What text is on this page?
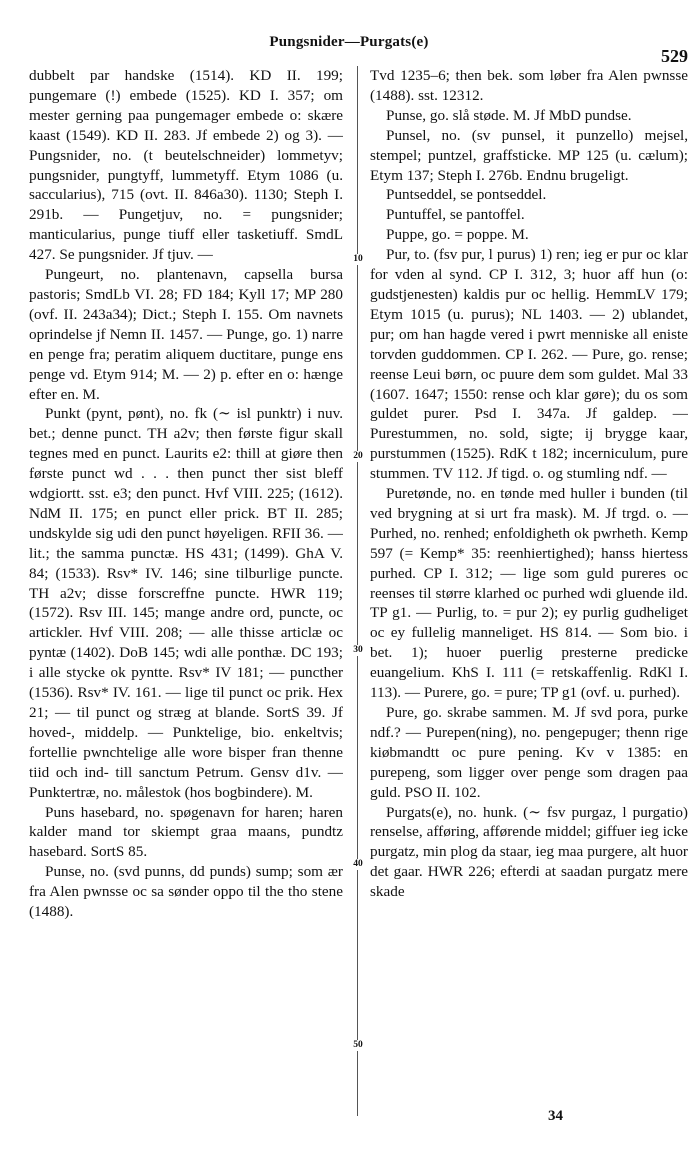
Pungsnider—Purgats(e)
529

dubbelt par handske (1514). KD II. 199; pungemare (!) embede (1525). KD I. 357; om mester gerning paa pungemager embede o: skære kaast (1549). KD II. 283. Jf embede 2) og 3). — Pungsnider, no. (t beutelschneider) lommetyv; pungsnider, pungtyff, lummetyff. Etym 1086 (u. saccularius), 715 (ovt. II. 846a30). 1130; Steph I. 291b. — Pungetjuv, no. = pungsnider; manticularius, punge tiuff eller tasketiuff. SmdL 427. Se pungsnider. Jf tjuv. —

Pungeurt, no. plantenavn, capsella bursa pastoris; SmdLb VI. 28; FD 184; Kyll 17; MP 280 (ovf. II. 243a34); Dict.; Steph I. 155. Om navnets oprindelse jf Nemn II. 1457. — Punge, go. 1) narre en penge fra; peratim aliquem ductitare, punge ens penge vd. Etym 914; M. — 2) p. efter en o: hænge efter en. M.

Punkt (pynt, pønt), no. fk (∼ isl punktr) i nuv. bet.; denne punct. TH a2v; then første figur skall tegnes med en punct. Laurits e2: thill at giøre then første punct wd . . . then punct ther sist bleff wdgiortt. sst. e3; den punct. Hvf VIII. 225; (1612). NdM II. 175; en punct eller prick. BT II. 285; undskylde sig udi den punct høyeligen. RFII 36. — lit.; the samma punctæ. HS 431; (1499). GhA V. 84; (1533). Rsv* IV. 146; sine tilburlige puncte. TH a2v; disse forscreffne puncte. HWR 119; (1572). Rsv III. 145; mange andre ord, puncte, oc artickler. Hvf VIII. 208; — alle thisse articlæ oc pyntæ (1402). DoB 145; wdi alle ponthæ. DC 193; i alle stycke ok pyntte. Rsv* IV 181; — puncther (1536). Rsv* IV. 161. — lige til punct oc prik. Hex 21; — til punct og stræg at blande. SortS 39. Jf hoved-, middelp. — Punktelige, bio. enkeltvis; fortellie pwnchtelige alle wore bisper fran thenne tiid och ind- till sanctum Petrum. Gensv d1v. — Punktertræ, no. målestok (hos bogbindere). M.

Puns hasebard, no. spøgenavn for haren; haren kalder mand tor skiempt graa maans, pundtz hasebard. SortS 85.

Punse, no. (svd punns, dd punds) sump; som ær fra Alen pwnsse oc sa sønder oppo til the tho stene (1488).

10
20
30
40
50

Tvd 1235–6; then bek. som løber fra Alen pwnsse (1488). sst. 12312.

Punse, go. slå støde. M. Jf MbD pundse.

Punsel, no. (sv punsel, it punzello) mejsel, stempel; puntzel, graffsticke. MP 125 (u. cælum); Etym 137; Steph I. 276b. Endnu brugeligt.

Puntseddel, se pontseddel.

Puntuffel, se pantoffel.

Puppe, go. = poppe. M.

Pur, to. (fsv pur, l purus) 1) ren; ieg er pur oc klar for vden al synd. CP I. 312, 3; huor aff hun (o: gudstjenesten) kaldis pur oc hellig. HemmLV 179; Etym 1015 (u. purus); NL 1403. — 2) ublandet, pur; om han hagde vered i pwrt menniske all eniste torvden guddommen. CP I. 262. — Pure, go. rense; reense Leui børn, oc puure dem som guldet. Mal 33 (1607. 1647; 1550: rense och klar gøre); du os som guldet purer. Psd I. 347a. Jf galdep. — Purestummen, no. sold, sigte; ij brygge kaar, purstummen (1525). RdK t 182; incerniculum, pure stummen. TV 112. Jf tigd. o. og stumling ndf. —

Puretønde, no. en tønde med huller i bunden (til ved brygning at si urt fra mask). M. Jf trgd. o. — Purhed, no. renhed; enfoldigheth ok pwrheth. Kemp 597 (= Kemp* 35: reenhiertighed); hanss hiertess purhed. CP I. 312; — lige som guld pureres oc reenses til større klarhed oc purhed wdi gluende ild. TP g1. — Purlig, to. = pur 2); ey purlig gudheliget oc ey fullelig manneliget. HS 814. — Som bio. i bet. 1); huoer puerlig presterne predicke euangelium. KhS I. 111 (= retskaffenlig. RdKl I. 113). — Purere, go. = pure; TP g1 (ovf. u. purhed).

Pure, go. skrabe sammen. M. Jf svd pora, purke ndf.? — Purepen(ning), no. pengepuger; thenn rige kiøbmandtt oc pure pening. Kv v 1385: en purepeng, som ligger over penge som dragen paa guld. PSO II. 102.

Purgats(e), no. hunk. (∼ fsv purgaz, l purgatio) renselse, afføring, afførende middel; giffuer ieg icke purgatz, min plog da staar, ieg maa purgere, alt huor det gaar. HWR 226; efterdi at saadan purgatz mere skade

34
